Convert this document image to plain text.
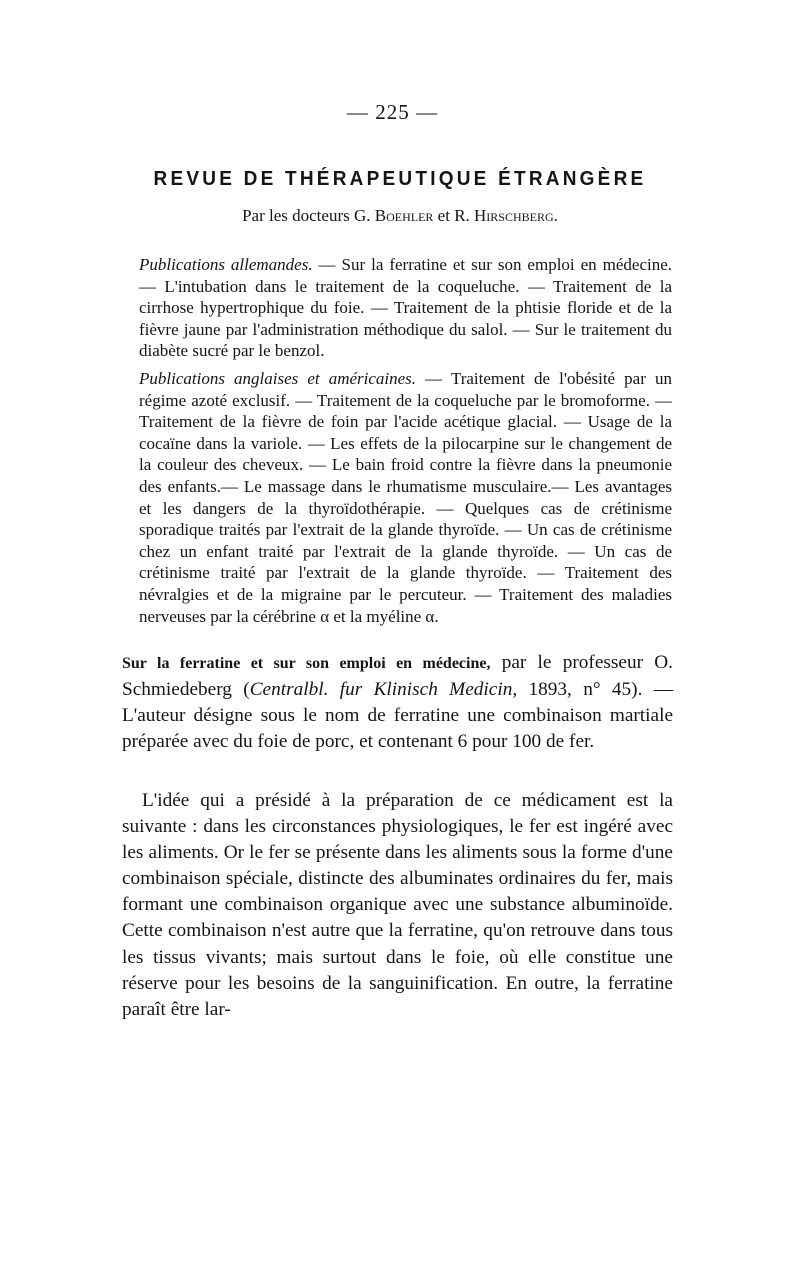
— 225 —
REVUE DE THÉRAPEUTIQUE ÉTRANGÈRE
Par les docteurs G. Boehler et R. Hirschberg.

Publications allemandes. — Sur la ferratine et sur son emploi en médecine. — L'intubation dans le traitement de la coqueluche. — Traitement de la cirrhose hypertrophique du foie. — Traitement de la phtisie floride et de la fièvre jaune par l'administration méthodique du salol. — Sur le traitement du diabète sucré par le benzol.

Publications anglaises et américaines. — Traitement de l'obésité par un régime azoté exclusif. — Traitement de la coqueluche par le bromoforme. — Traitement de la fièvre de foin par l'acide acétique glacial. — Usage de la cocaïne dans la variole. — Les effets de la pilocarpine sur le changement de la couleur des cheveux. — Le bain froid contre la fièvre dans la pneumonie des enfants.— Le massage dans le rhumatisme musculaire.— Les avantages et les dangers de la thyroïdothérapie. — Quelques cas de crétinisme sporadique traités par l'extrait de la glande thyroïde. — Un cas de crétinisme chez un enfant traité par l'extrait de la glande thyroïde. — Un cas de crétinisme traité par l'extrait de la glande thyroïde. — Traitement des névralgies et de la migraine par le percuteur. — Traitement des maladies nerveuses par la cérébrine α et la myéline α.

Sur la ferratine et sur son emploi en médecine, par le professeur O. Schmiedeberg (Centralbl. fur Klinisch Medicin, 1893, n° 45). — L'auteur désigne sous le nom de ferratine une combinaison martiale préparée avec du foie de porc, et contenant 6 pour 100 de fer.

L'idée qui a présidé à la préparation de ce médicament est la suivante : dans les circonstances physiologiques, le fer est ingéré avec les aliments. Or le fer se présente dans les aliments sous la forme d'une combinaison spéciale, distincte des albuminates ordinaires du fer, mais formant une combinaison organique avec une substance albuminoïde. Cette combinaison n'est autre que la ferratine, qu'on retrouve dans tous les tissus vivants; mais surtout dans le foie, où elle constitue une réserve pour les besoins de la sanguinification. En outre, la ferratine paraît être lar-
